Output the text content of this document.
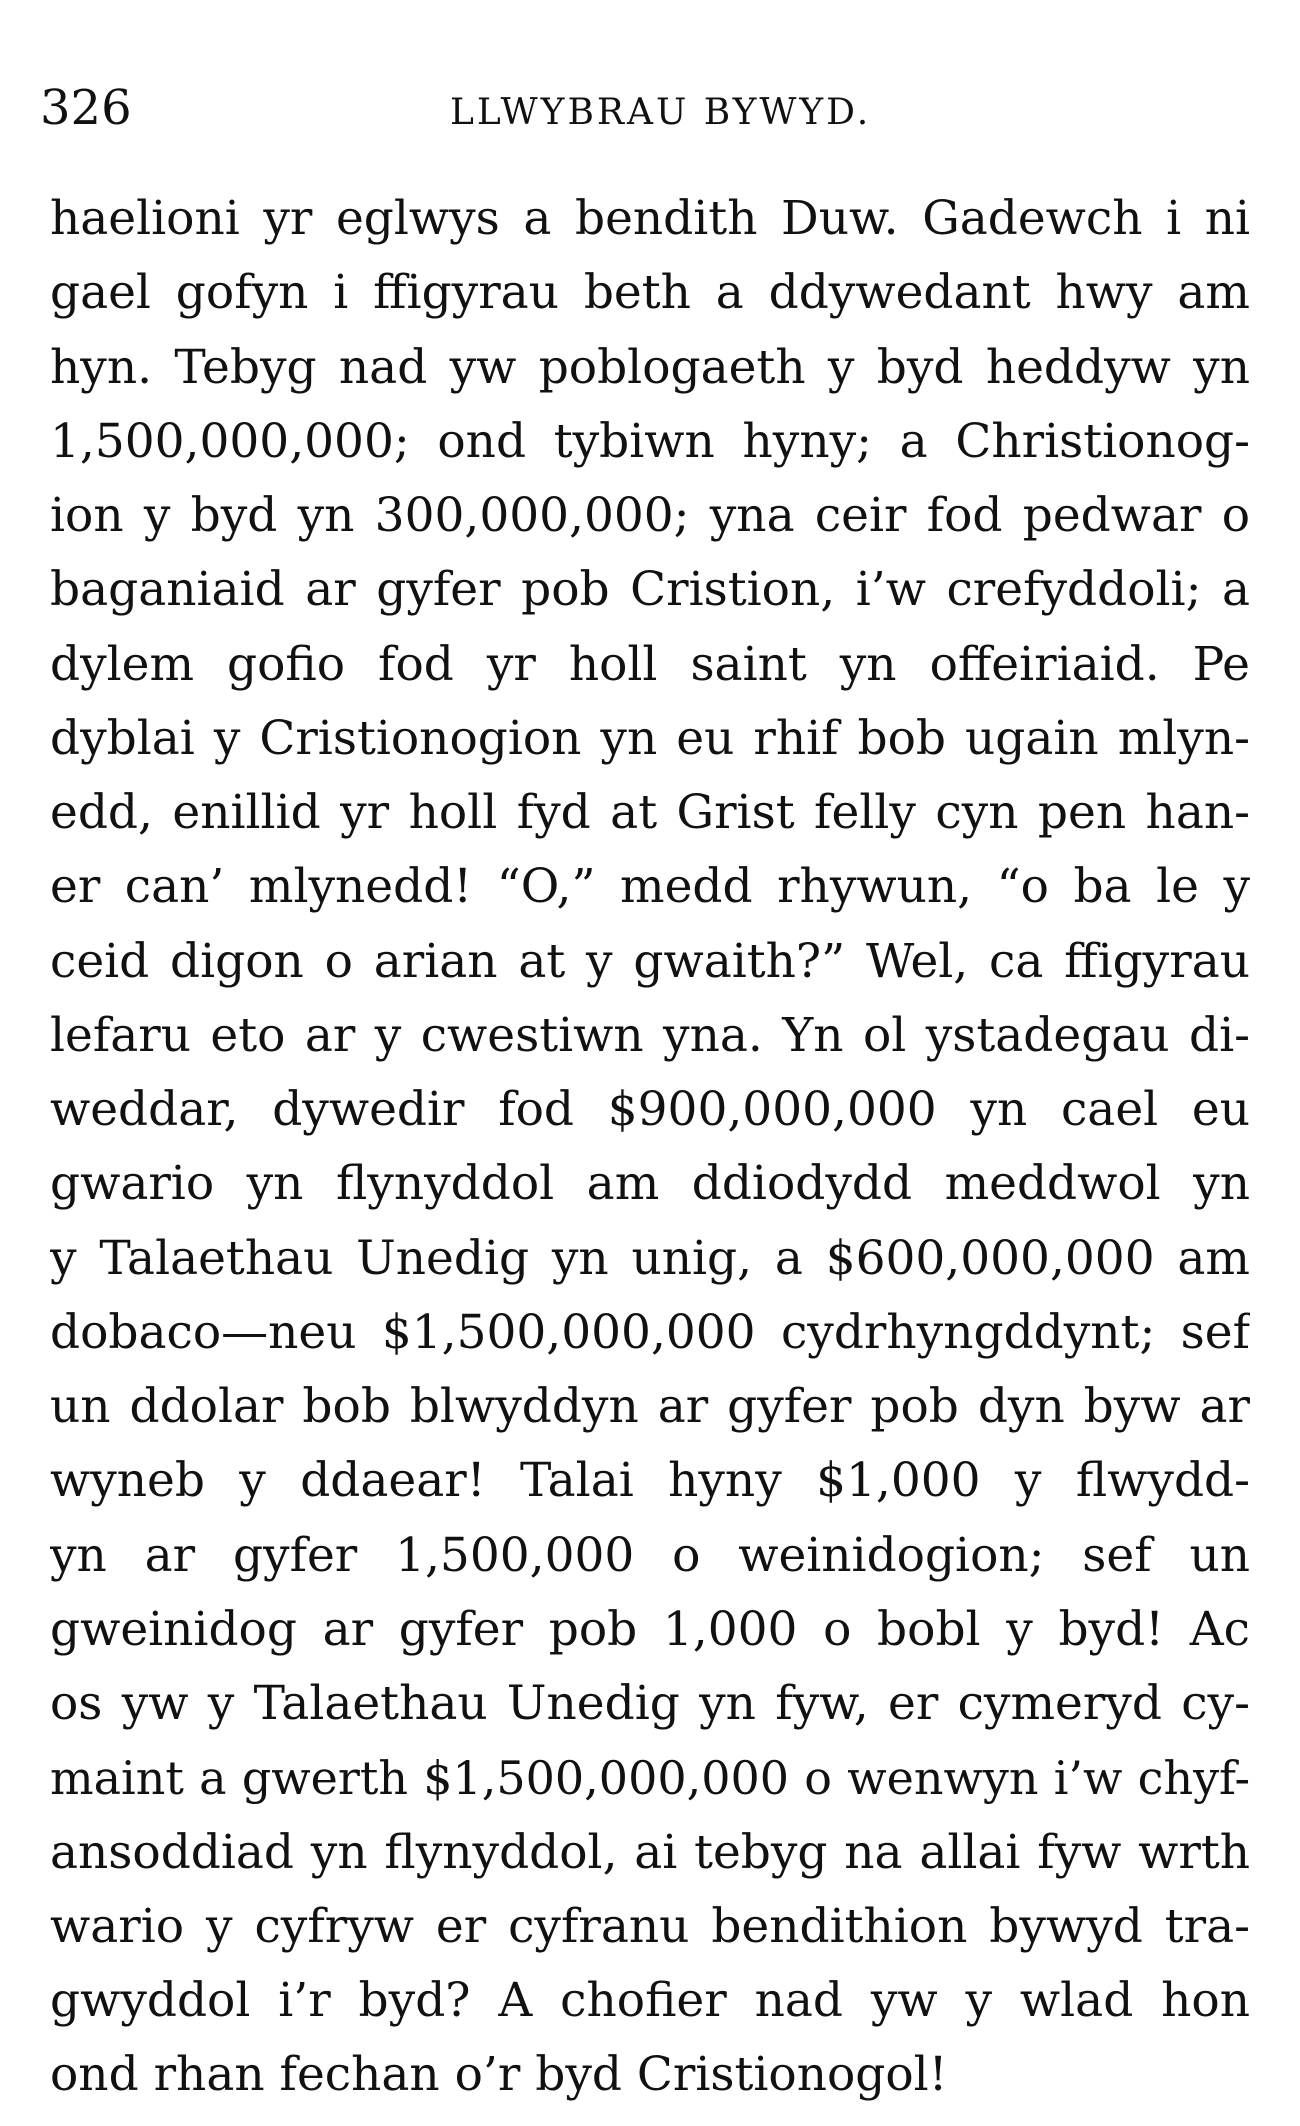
326	LLWYBRAU BYWYD.
haelioni yr eglwys a bendith Duw. Gadewch i ni
gael gofyn i ffigyrau beth a ddywedant hwy am
hyn. Tebyg nad yw poblogaeth y byd heddyw yn
1,500,000,000; ond tybiwn hyny; a Christionog-
ion y byd yn 300,000,000; yna ceir fod pedwar o
baganiaid ar gyfer pob Cristion, i’w crefyddoli; a
dylem gofio fod yr holl saint yn offeiriaid. Pe
dyblai y Cristionogion yn eu rhif bob ugain mlyn-
edd, enillid yr holl fyd at Grist felly cyn pen han-
er can’ mlynedd! “O,” medd rhywun, “o ba le y
ceid digon o arian at y gwaith?” Wel, ca ffigyrau
lefaru eto ar y cwestiwn yna. Yn ol ystadegau di-
weddar, dywedir fod $900,000,000 yn cael eu
gwario yn flynyddol am ddiodydd meddwol yn
y Talaethau Unedig yn unig, a $600,000,000 am
dobaco—neu $1,500,000,000 cydrhyngddynt; sef
un ddolar bob blwyddyn ar gyfer pob dyn byw ar
wyneb y ddaear! Talai hyny $1,000 y flwydd-
yn ar gyfer 1,500,000 o weinidogion; sef un
gweinidog ar gyfer pob 1,000 o bobl y byd! Ac
os yw y Talaethau Unedig yn fyw, er cymeryd cy-
maint a gwerth $1,500,000,000 o wenwyn i’w chyf-
ansoddiad yn flynyddol, ai tebyg na allai fyw wrth
wario y cyfryw er cyfranu bendithion bywyd tra-
gwyddol i’r byd? A chofier nad yw y wlad hon
ond rhan fechan o’r byd Cristionogol!
